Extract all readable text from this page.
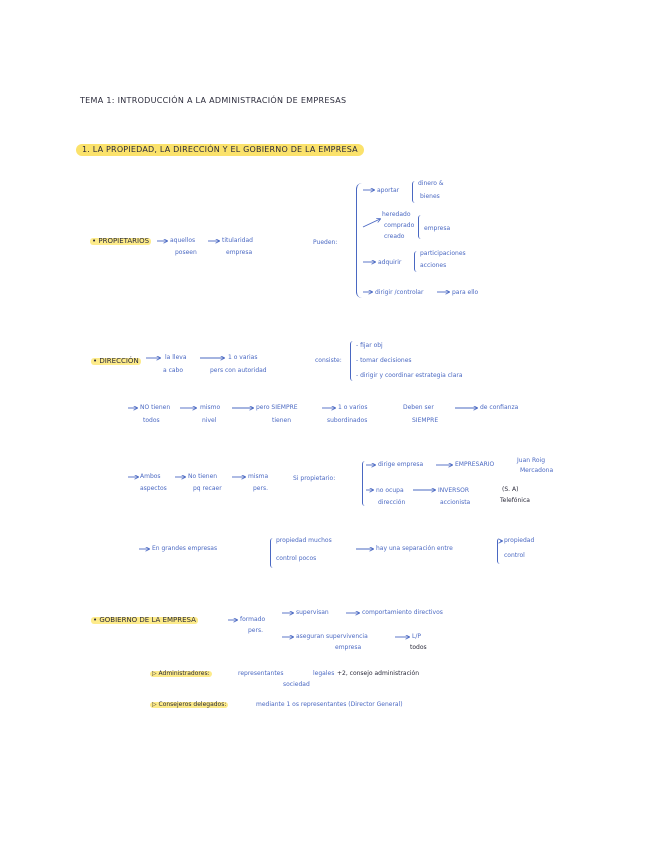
TEMA 1: INTRODUCCIÓN A LA ADMINISTRACIÓN DE EMPRESAS
1. LA PROPIEDAD, LA DIRECCIÓN Y EL GOBIERNO DE LA EMPRESA
• PROPIETARIOS	aquellos
poseen
titularidad
empresa
Pueden:
aportar
dinero &
bienes
heredado
comprado
creado
empresa
adquirir
participaciones
acciones
dirigir /controlar	para ello
• DIRECCIÓN	la lleva
a cabo
1 o varias
pers con autoridad
consiste:
- fijar obj
- tomar decisiones
- dirigir y coordinar estrategia clara
NO tienen
todos
mismo
nivel
pero SIEMPRE
tienen
1 o varios
subordinados
Deben ser
SIEMPRE
de confianza
Ambos
aspectos
No tienen
pq recaer
misma
pers.
Si propietario:
dirige empresa	EMPRESARIO
Juan Roig
Mercadona
no ocupa
dirección
INVERSOR
accionista
(S. A)
Telefónica
En grandes empresas
propiedad muchos
control pocos
hay una separación entre
propiedad
control
• GOBIERNO DE LA EMPRESA	formado
pers.
supervisan	comportamiento directivos
aseguran supervivencia
empresa
L/P
todos
▷ Administradores:	representantes	legales
sociedad
+2, consejo administración
▷ Consejeros delegados:	mediante 1 os representantes (Director General)
